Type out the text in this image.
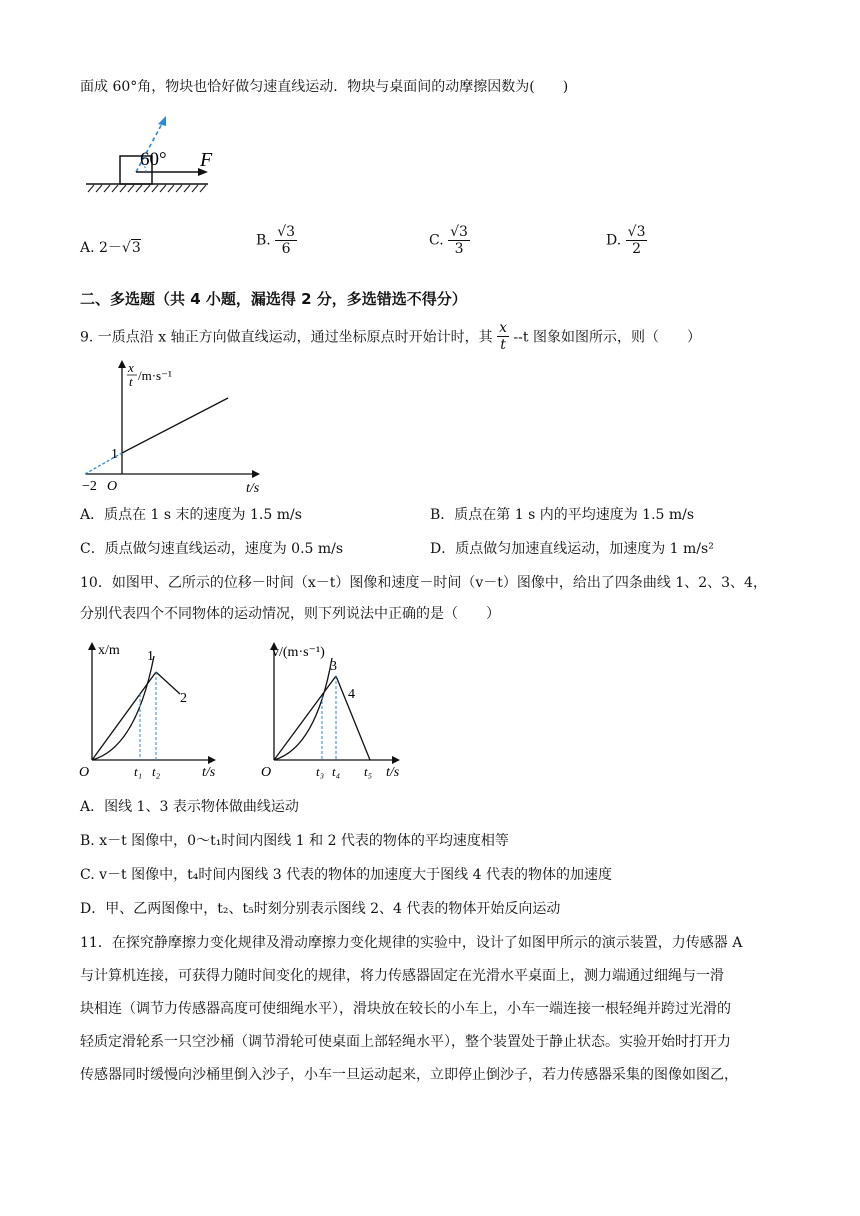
面成 60°角，物块也恰好做匀速直线运动．物块与桌面间的动摩擦因数为(　　)
60° F
A. 2－√3	B. $\frac{√3}{6}$	C. $\frac{√3}{3}$	D. $\frac{√3}{2}$
二、多选题（共 4 小题，漏选得 2 分，多选错选不得分）
9. 一质点沿 x 轴正方向做直线运动，通过坐标原点时开始计时，其 $\frac{x}{t} --t$ 图象如图所示，则（　　）
x
t /m·s⁻¹
1
−2 O	t/s
A．质点在 1 s 末的速度为 1.5 m/s	B．质点在第 1 s 内的平均速度为 1.5 m/s
C．质点做匀速直线运动，速度为 0.5 m/s	D．质点做匀加速直线运动，加速度为 1 m/s²
10．如图甲、乙所示的位移－时间（x－t）图像和速度－时间（v－t）图像中，给出了四条曲线 1、2、3、4，
分别代表四个不同物体的运动情况，则下列说法中正确的是（　　）
x/m 1
2
O	t₁ t₂	t/s
v/(m·s⁻¹)
3
4
O	t₃ t₄ t₅ t/s
A．图线 1、3 表示物体做曲线运动
B. x－t 图像中，0～t₁时间内图线 1 和 2 代表的物体的平均速度相等
C. v－t 图像中，t₄时间内图线 3 代表的物体的加速度大于图线 4 代表的物体的加速度
D．甲、乙两图像中，t₂、t₅时刻分别表示图线 2、4 代表的物体开始反向运动
11．在探究静摩擦力变化规律及滑动摩擦力变化规律的实验中，设计了如图甲所示的演示装置，力传感器 A
与计算机连接，可获得力随时间变化的规律，将力传感器固定在光滑水平桌面上，测力端通过细绳与一滑
块相连（调节力传感器高度可使细绳水平），滑块放在较长的小车上，小车一端连接一根轻绳并跨过光滑的
轻质定滑轮系一只空沙桶（调节滑轮可使桌面上部轻绳水平），整个装置处于静止状态。实验开始时打开力
传感器同时缓慢向沙桶里倒入沙子，小车一旦运动起来，立即停止倒沙子，若力传感器采集的图像如图乙，
